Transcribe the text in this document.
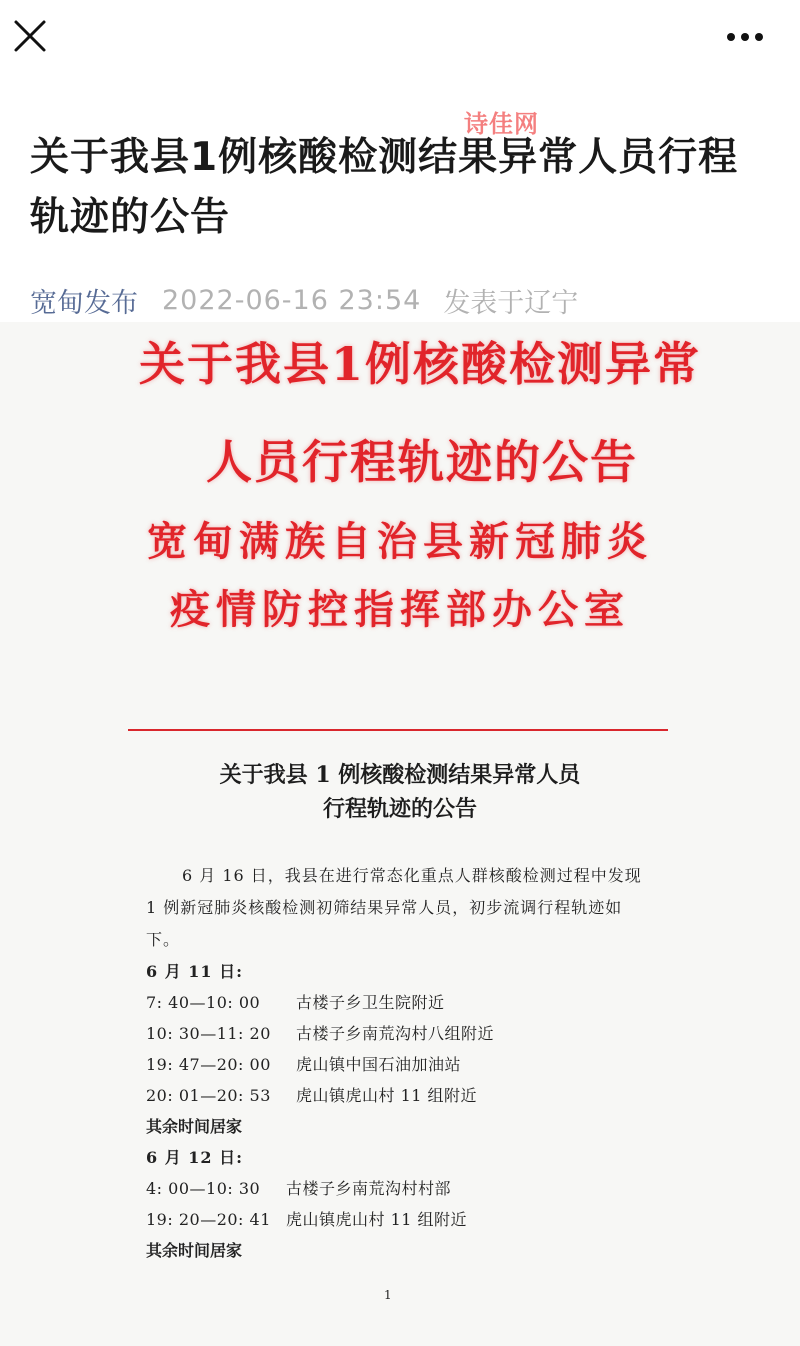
诗佳网
关于我县1例核酸检测结果异常人员行程轨迹的公告
宽甸发布 2022-06-16 23:54 发表于辽宁
关于我县1例核酸检测异常
人员行程轨迹的公告
宽甸满族自治县新冠肺炎
疫情防控指挥部办公室
关于我县 1 例核酸检测结果异常人员
行程轨迹的公告

6 月 16 日，我县在进行常态化重点人群核酸检测过程中发现 1 例新冠肺炎核酸检测初筛结果异常人员，初步流调行程轨迹如下。

6 月 11 日:
7: 40—10: 00	古楼子乡卫生院附近
10: 30—11: 20	古楼子乡南荒沟村八组附近
19: 47—20: 00	虎山镇中国石油加油站
20: 01—20: 53	虎山镇虎山村 11 组附近
其余时间居家
6 月 12 日:
4: 00—10: 30	古楼子乡南荒沟村村部
19: 20—20: 41 虎山镇虎山村 11 组附近
其余时间居家
1
